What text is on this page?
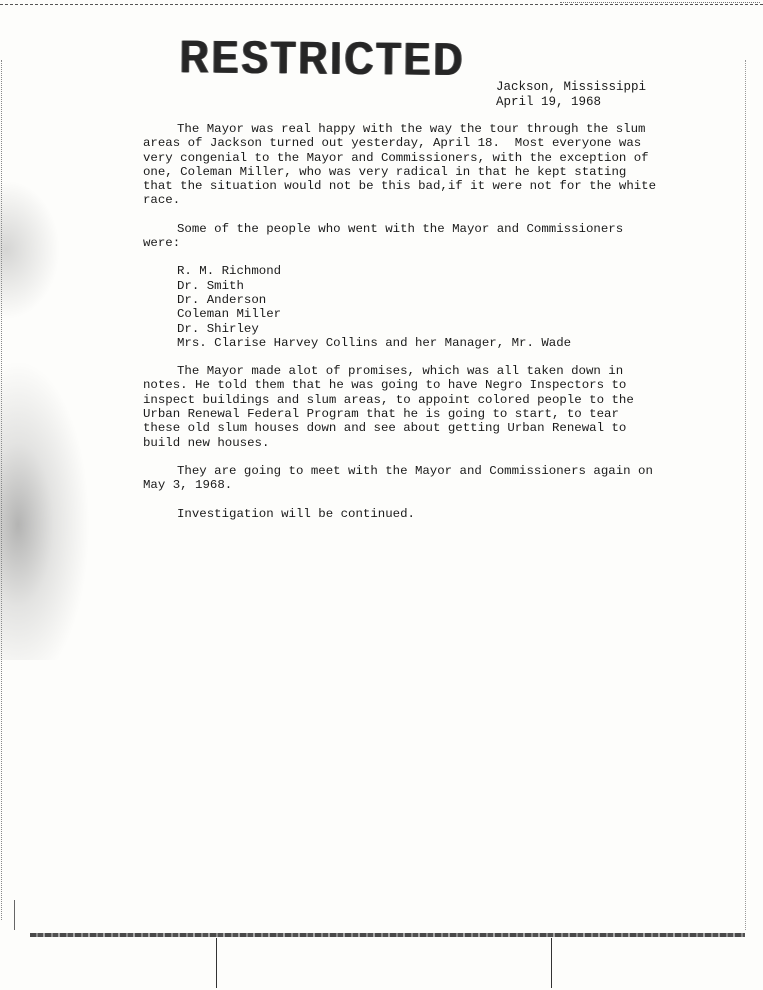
RESTRICTED
Jackson, Mississippi
April 19, 1968

The Mayor was real happy with the way the tour through the slum areas of Jackson turned out yesterday, April 18.  Most everyone was very congenial to the Mayor and Commissioners, with the exception of one, Coleman Miller, who was very radical in that he kept stating that the situation would not be this bad,if it were not for the white race.

Some of the people who went with the Mayor and Commissioners were:

R. M. Richmond
Dr. Smith
Dr. Anderson
Coleman Miller
Dr. Shirley
Mrs. Clarise Harvey Collins and her Manager, Mr. Wade

The Mayor made alot of promises, which was all taken down in notes. He told them that he was going to have Negro Inspectors to inspect buildings and slum areas, to appoint colored people to the Urban Renewal Federal Program that he is going to start, to tear these old slum houses down and see about getting Urban Renewal to build new houses.

They are going to meet with the Mayor and Commissioners again on May 3, 1968.

Investigation will be continued.
